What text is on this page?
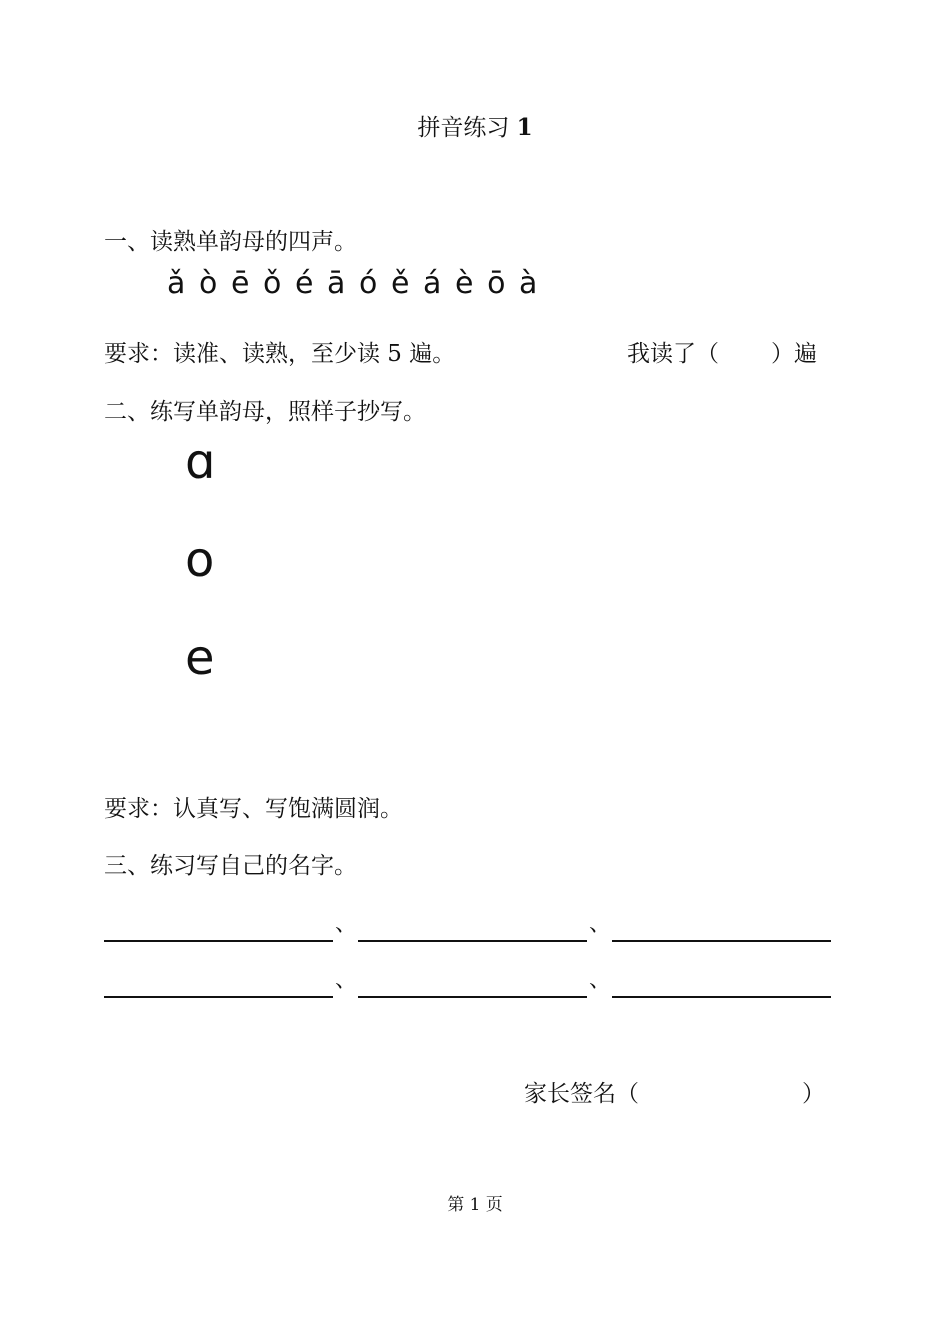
拼音练习 1
一、读熟单韵母的四声。
ǎ ò ē ǒ é ā ó ě á è ō à
要求：读准、读熟，至少读 5 遍。	我读了（ ）遍
二、练写单韵母，照样子抄写。
ɑ
o
e
要求：认真写、写饱满圆润。
三、练习写自己的名字。
、	、
、	、
家长签名（	）
第 1 页
